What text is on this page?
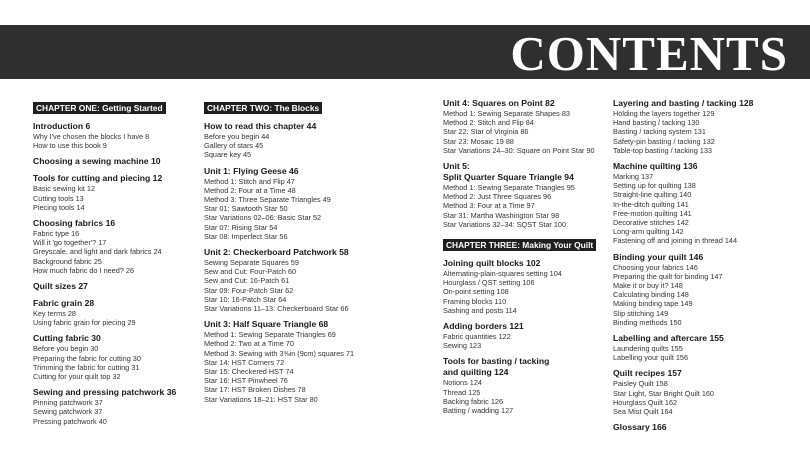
CONTENTS
CHAPTER ONE: Getting Started

Introduction 6
Why I've chosen the blocks I have 8
How to use this book 9
Choosing a sewing machine 10
Tools for cutting and piecing 12
Basic sewing kit 12
Cutting tools 13
Piecing tools 14
Choosing fabrics 16
Fabric type 16
Will it 'go together'? 17
Greyscale, and light and dark fabrics 24
Background fabric 25
How much fabric do I need? 26
Quilt sizes 27
Fabric grain 28
Key terms 28
Using fabric grain for piecing 29
Cutting fabric 30
Before you begin 30
Preparing the fabric for cutting 30
Trimming the fabric for cutting 31
Cutting for your quilt top 32
Sewing and pressing patchwork 36
Pinning patchwork 37
Sewing patchwork 37
Pressing patchwork 40
CHAPTER TWO: The Blocks

How to read this chapter 44
Before you begin 44
Gallery of stars 45
Square key 45
Unit 1: Flying Geese 46
Method 1: Stitch and Flip 47
Method 2: Four at a Time 48
Method 3: Three Separate Triangles 49
Star 01: Sawtooth Star 50
Star Variations 02–06: Basic Star 52
Star 07: Rising Star 54
Star 08: Imperfect Star 56
Unit 2: Checkerboard Patchwork 58
Sewing Separate Squares 59
Sew and Cut: Four-Patch 60
Sew and Cut: 16-Patch 61
Star 09: Four-Patch Star 62
Star 10: 16-Patch Star 64
Star Variations 11–13: Checkerboard Star 66
Unit 3: Half Square Triangle 68
Method 1: Sewing Separate Triangles 69
Method 2: Two at a Time 70
Method 3: Sewing with 3⅝in (9cm) squares 71
Star 14: HST Corners 72
Star 15: Checkered HST 74
Star 16: HST Pinwheel 76
Star 17: HST Broken Dishes 78
Star Variations 18–21: HST Star 80
Unit 4: Squares on Point 82
Method 1: Sewing Separate Shapes 83
Method 2: Stitch and Flip 84
Star 22: Star of Virginia 86
Star 23: Mosaic 19 88
Star Variations 24–30: Square on Point Star 90
Unit 5:
Split Quarter Square Triangle 94
Method 1: Sewing Separate Triangles 95
Method 2: Just Three Squares 96
Method 3: Four at a Time 97
Star 31: Martha Washington Star 98
Star Variations 32–34: SQST Star 100
CHAPTER THREE: Making Your Quilt

Joining quilt blocks 102
Alternating-plain-squares setting 104
Hourglass / QST setting 106
On-point setting 108
Framing blocks 110
Sashing and posts 114
Adding borders 121
Fabric quantities 122
Sewing 123
Tools for basting / tacking
and quilting 124
Notions 124
Thread 125
Backing fabric 126
Batting / wadding 127
Layering and basting / tacking 128
Holding the layers together 129
Hand basting / tacking 130
Basting / tacking system 131
Safety-pin basting / tacking 132
Table-top basting / tacking 133
Machine quilting 136
Marking 137
Setting up for quilting 138
Straight-line quilting 140
In-the-ditch quilting 141
Free-motion quilting 141
Decorative stitches 142
Long-arm quilting 142
Fastening off and joining in thread 144
Binding your quilt 146
Choosing your fabrics 146
Preparing the quilt for binding 147
Make it or buy it? 148
Calculating binding 148
Making binding tape 149
Slip stitching 149
Binding methods 150
Labelling and aftercare 155
Laundering quilts 155
Labelling your quilt 156
Quilt recipes 157
Paisley Quilt 158
Star Light, Star Bright Quilt 160
Hourglass Quilt 162
Sea Mist Quilt 164
Glossary 166
